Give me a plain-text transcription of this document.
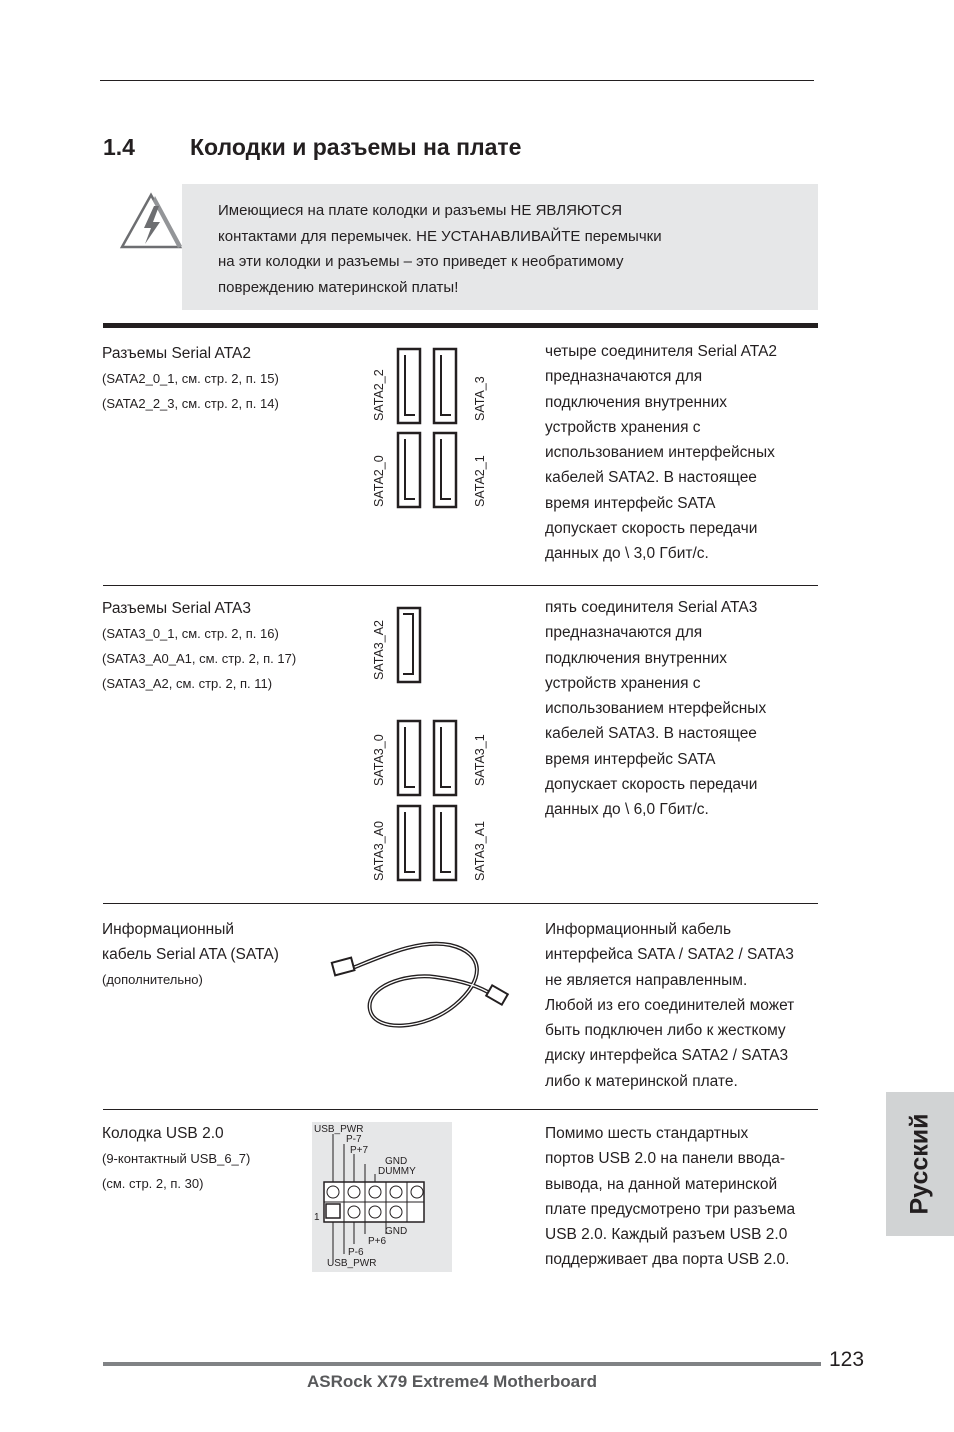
1.4 Колодки и разъемы на плате
Имеющиеся на плате колодки и разъемы НЕ ЯВЛЯЮТСЯ
контактами для перемычек. НЕ УСТАНАВЛИВАЙТЕ перемычки
на эти колодки и разъемы – это приведет к необратимому
повреждению материнской платы!
Разъемы Serial ATA2
(SATA2_0_1, см. стр. 2, п. 15)
(SATA2_2_3, см. стр. 2, п. 14)	SATA2_2	SATA_3
SATA2_0	SATA2_1
четыре соединителя Serial ATA2
предназначаются для
подключения внутренних
устройств хранения с
использованием интерфейсных
кабелей SATA2. В настоящее
время интерфейс SATA
допускает скорость передачи
данных до \ 3,0 Гбит/с.
Разъемы Serial ATA3
(SATA3_0_1, см. стр. 2, п. 16)
(SATA3_A0_A1, см. стр. 2, п. 17)
(SATA3_A2, см. стр. 2, п. 11)
SATA3_A2
SATA3_0	SATA3_1
SATA3_A0	SATA3_A1
пять соединителя Serial ATA3
предназначаются для
подключения внутренних
устройств хранения с
использованием нтерфейсных
кабелей SATA3. В настоящее
время интерфейс SATA
допускает скорость передачи
данных до \ 6,0 Гбит/с.
Информационный
кабель Serial ATA (SATA)
(дополнительно)
Информационный кабель
интерфейса SATA / SATA2 / SATA3
не является направленным.
Любой из его соединителей может
быть подключен либо к жесткому
диску интерфейса SATA2 / SATA3
либо к материнской плате.
Колодка USB 2.0
(9-контактный USB_6_7)
(см. стр. 2, п. 30)
USB_PWR
P-7
P+7
GND
DUMMY
1
GND
P+6
P-6
USB_PWR
Помимо шесть стандартных
портов USB 2.0 на панели ввода-
вывода, на данной материнской
плате предусмотрено три разъема
USB 2.0. Каждый разъем USB 2.0
поддерживает два порта USB 2.0.
Русский
123
ASRock X79 Extreme4 Motherboard
